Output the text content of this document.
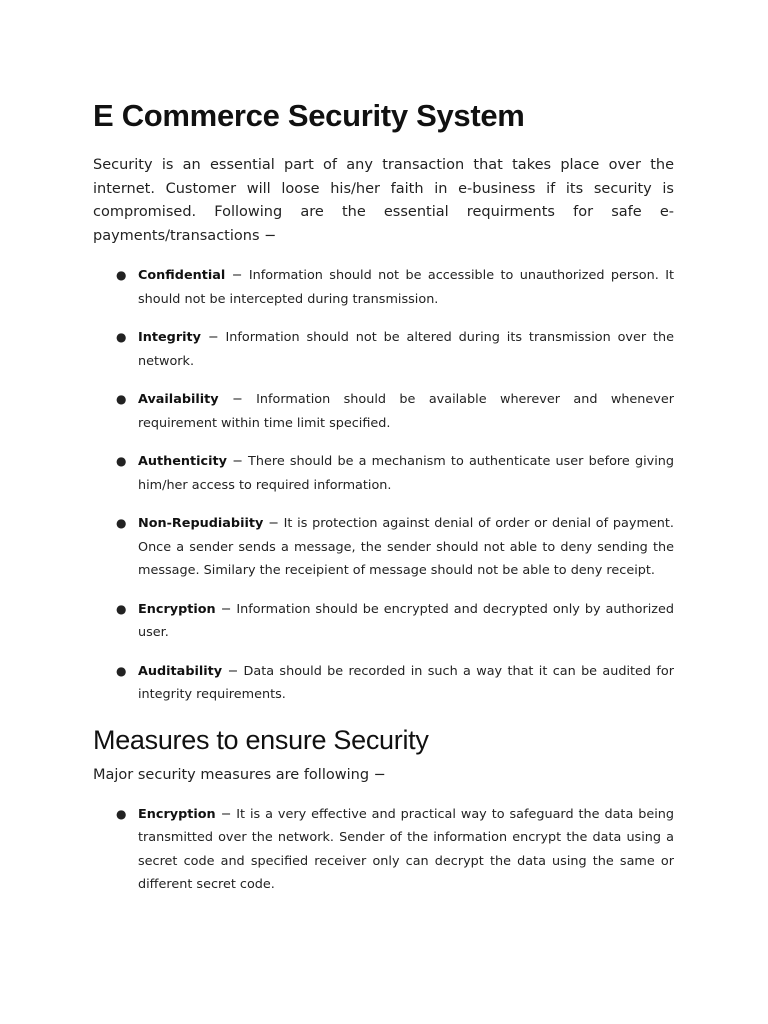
E Commerce Security System

Security is an essential part of any transaction that takes place over the internet. Customer will loose his/her faith in e-business if its security is compromised. Following are the essential requirments for safe e-payments/transactions −

● Confidential − Information should not be accessible to unauthorized person. It should not be intercepted during transmission.
● Integrity − Information should not be altered during its transmission over the network.
● Availability − Information should be available wherever and whenever requirement within time limit specified.
● Authenticity − There should be a mechanism to authenticate user before giving him/her access to required information.
● Non-Repudiabiity − It is protection against denial of order or denial of payment. Once a sender sends a message, the sender should not able to deny sending the message. Similary the receipient of message should not be able to deny receipt.
● Encryption − Information should be encrypted and decrypted only by authorized user.
● Auditability − Data should be recorded in such a way that it can be audited for integrity requirements.
Measures to ensure Security

Major security measures are following −

● Encryption − It is a very effective and practical way to safeguard the data being transmitted over the network. Sender of the information encrypt the data using a secret code and specified receiver only can decrypt the data using the same or different secret code.
